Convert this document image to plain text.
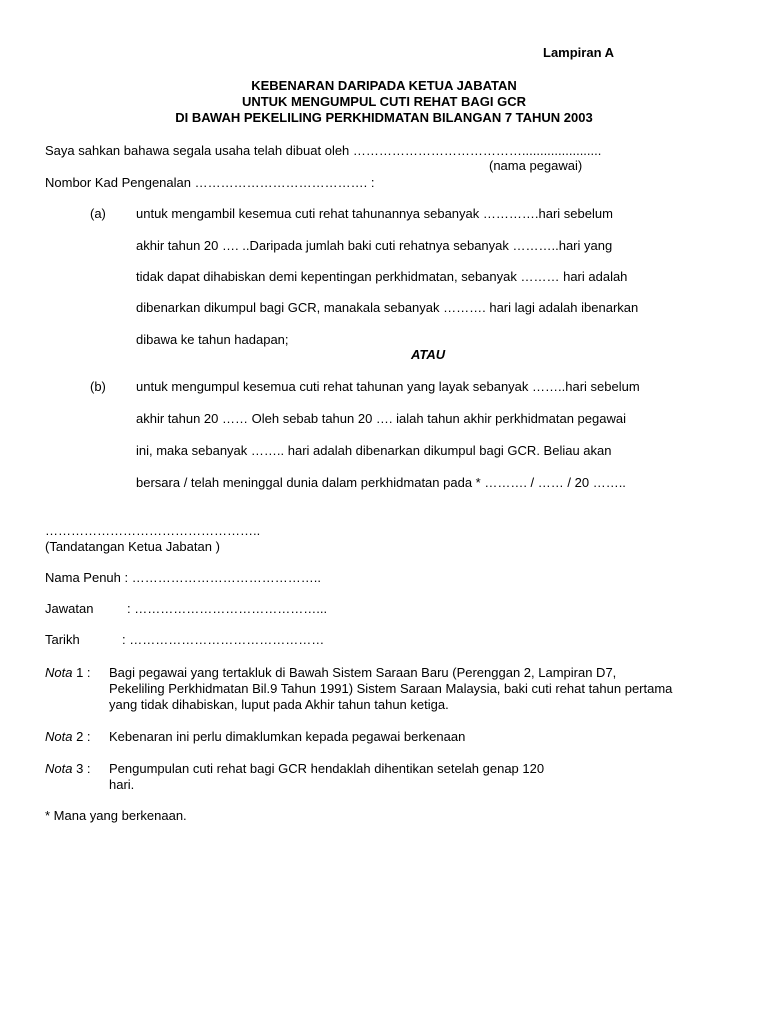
Lampiran A
KEBENARAN DARIPADA KETUA JABATAN
UNTUK MENGUMPUL CUTI REHAT BAGI GCR
DI BAWAH PEKELILING PERKHIDMATAN BILANGAN 7 TAHUN 2003
Saya sahkan bahawa segala usaha telah dibuat oleh …………………………………......................
(nama pegawai)
Nombor Kad Pengenalan …………………………………. :
(a) untuk mengambil kesemua cuti rehat tahunannya sebanyak ………….hari sebelum
akhir tahun 20 …. ..Daripada jumlah baki cuti rehatnya sebanyak ………..hari yang
tidak dapat dihabiskan demi kepentingan perkhidmatan, sebanyak ……… hari adalah
dibenarkan dikumpul bagi GCR, manakala sebanyak ………. hari lagi adalah ibenarkan
dibawa ke tahun hadapan;
ATAU
(b) untuk mengumpul kesemua cuti rehat tahunan yang layak sebanyak ……..hari sebelum
akhir tahun 20 …… Oleh sebab tahun 20 …. ialah tahun akhir perkhidmatan pegawai
ini, maka sebanyak …….. hari adalah dibenarkan dikumpul bagi GCR. Beliau akan
bersara / telah meninggal dunia dalam perkhidmatan pada * ………. / …… / 20 ……..
…………………………………………..
(Tandatangan Ketua Jabatan )
Nama Penuh : ……………………………………..
Jawatan	: ……………………………………...
Tarikh	: ………………………………………
Nota 1 : Bagi pegawai yang tertakluk di Bawah Sistem Saraan Baru (Perenggan 2, Lampiran D7,
Pekeliling Perkhidmatan Bil.9 Tahun 1991) Sistem Saraan Malaysia, baki cuti rehat tahun pertama
yang tidak dihabiskan, luput pada Akhir tahun tahun ketiga.
Nota 2 : Kebenaran ini perlu dimaklumkan kepada pegawai berkenaan
Nota 3 : Pengumpulan cuti rehat bagi GCR hendaklah dihentikan setelah genap 120
hari.
* Mana yang berkenaan.
